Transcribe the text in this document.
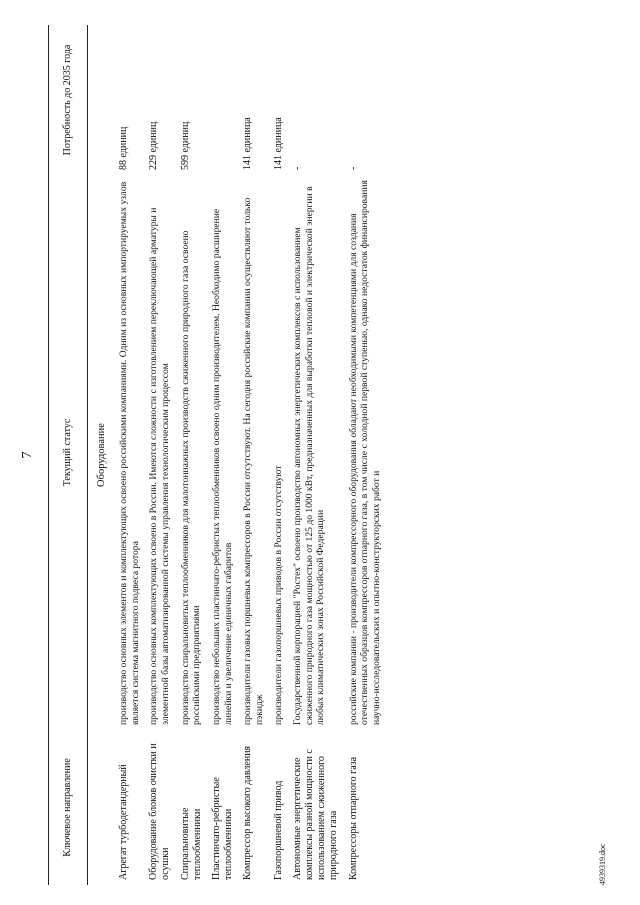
7
Ключевое направление	Текущий статус	Потребность до 2035 года
Оборудование		
Агрегат турбодетандерный	производство основных элементов и комплектующих освоено российскими компаниями. Одним из основных импортируемых узлов является система магнитного подвеса ротора	88 единиц
Оборудование блоков очистки и осушки	производство основных комплектующих освоено в России. Имеются сложности с изготовлением переключающей арматуры и элементной базы автоматизированной системы управления технологическим процессом	229 единиц
Спиральновитые теплообменники	производство спиральновитых теплообменников для малотоннажных производств сжиженного природного газа освоено российскими предприятиями	599 единиц
Пластинчато-ребристые теплообменники	производство небольших пластинчато-ребристых теплообменников освоено одним производителем. Необходимо расширение линейки и увеличение единичных габаритов	
Компрессор высокого давления	производители газовых поршневых компрессоров в России отсутствуют. На сегодня российские компании осуществляют только пэкидж	141 единица
Газопоршневой привод	производители газопоршневых приводов в России отсутствуют	141 единица
Автономные энергетические комплексы разной мощности с использованием сжиженного природного газа	Государственной корпорацией "Ростех" освоено производство автономных энергетических комплексов с использованием сжиженного природного газа мощностью от 125 до 1000 кВт, предназначенных для выработки тепловой и электрической энергии в любых климатических зонах Российской Федерации	-
Компрессоры отпарного газа	российские компании - производители компрессорного оборудования обладают необходимыми компетенциями для создания отечественных образцов компрессоров отпарного газа, в том числе с холодной первой ступенью, однако недостаток финансирования научно-исследовательских и опытно-конструкторских работ и	-
4939319.doc
